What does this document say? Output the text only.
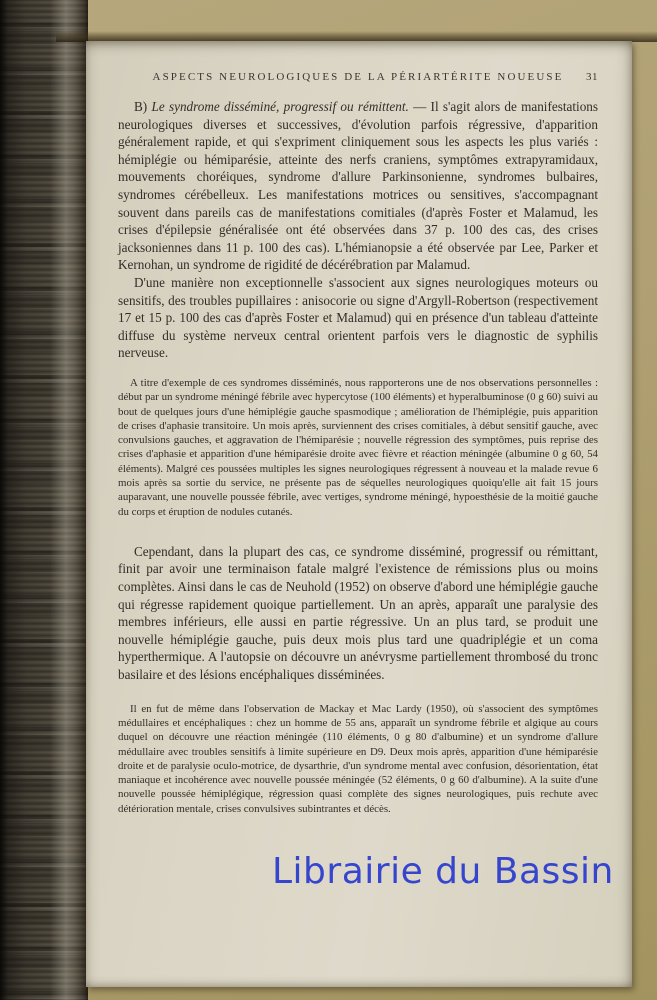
ASPECTS NEUROLOGIQUES DE LA PÉRIARTÉRITE NOUEUSE 31

B) Le syndrome disséminé, progressif ou rémittent. — Il s'agit alors de manifestations neurologiques diverses et successives, d'évolution parfois régressive, d'apparition généralement rapide, et qui s'expriment cliniquement sous les aspects les plus variés : hémiplégie ou hémiparésie, atteinte des nerfs craniens, symptômes extrapyramidaux, mouvements choréiques, syndrome d'allure Parkinsonienne, syndromes bulbaires, syndromes cérébelleux. Les manifestations motrices ou sensitives, s'accompagnant souvent dans pareils cas de manifestations comitiales (d'après Foster et Malamud, les crises d'épilepsie généralisée ont été observées dans 37 p. 100 des cas, des crises jacksoniennes dans 11 p. 100 des cas). L'hémianopsie a été observée par Lee, Parker et Kernohan, un syndrome de rigidité de décérébration par Malamud.

D'une manière non exceptionnelle s'associent aux signes neurologiques moteurs ou sensitifs, des troubles pupillaires : anisocorie ou signe d'Argyll-Robertson (respectivement 17 et 15 p. 100 des cas d'après Foster et Malamud) qui en présence d'un tableau d'atteinte diffuse du système nerveux central orientent parfois vers le diagnostic de syphilis nerveuse.

A titre d'exemple de ces syndromes disséminés, nous rapporterons une de nos observations personnelles : début par un syndrome méningé fébrile avec hypercytose (100 éléments) et hyperalbuminose (0 g 60) suivi au bout de quelques jours d'une hémiplégie gauche spasmodique ; amélioration de l'hémiplégie, puis apparition de crises d'aphasie transitoire. Un mois après, surviennent des crises comitiales, à début sensitif gauche, avec convulsions gauches, et aggravation de l'hémiparésie ; nouvelle régression des symptômes, puis reprise des crises d'aphasie et apparition d'une hémiparésie droite avec fièvre et réaction méningée (albumine 0 g 60, 54 éléments). Malgré ces poussées multiples les signes neurologiques régressent à nouveau et la malade revue 6 mois après sa sortie du service, ne présente pas de séquelles neurologiques quoiqu'elle ait fait 15 jours auparavant, une nouvelle poussée fébrile, avec vertiges, syndrome méningé, hypoesthésie de la moitié gauche du corps et éruption de nodules cutanés.

Cependant, dans la plupart des cas, ce syndrome disséminé, progressif ou rémittant, finit par avoir une terminaison fatale malgré l'existence de rémissions plus ou moins complètes. Ainsi dans le cas de Neuhold (1952) on observe d'abord une hémiplégie gauche qui régresse rapidement quoique partiellement. Un an après, apparaît une paralysie des membres inférieurs, elle aussi en partie régressive. Un an plus tard, se produit une nouvelle hémiplégie gauche, puis deux mois plus tard une quadriplégie et un coma hyperthermique. A l'autopsie on découvre un anévrysme partiellement thrombosé du tronc basilaire et des lésions encéphaliques disséminées.

Il en fut de même dans l'observation de Mackay et Mac Lardy (1950), où s'associent des symptômes médullaires et encéphaliques : chez un homme de 55 ans, apparaît un syndrome fébrile et algique au cours duquel on découvre une réaction méningée (110 éléments, 0 g 80 d'albumine) et un syndrome d'allure médullaire avec troubles sensitifs à limite supérieure en D9. Deux mois après, apparition d'une hémiparésie droite et de paralysie oculo-motrice, de dysarthrie, d'un syndrome mental avec confusion, désorientation, état maniaque et incohérence avec nouvelle poussée méningée (52 éléments, 0 g 60 d'albumine). A la suite d'une nouvelle poussée hémiplégique, régression quasi complète des signes neurologiques, puis rechute avec détérioration mentale, crises convulsives subintrantes et décès.

Librairie du Bassin
